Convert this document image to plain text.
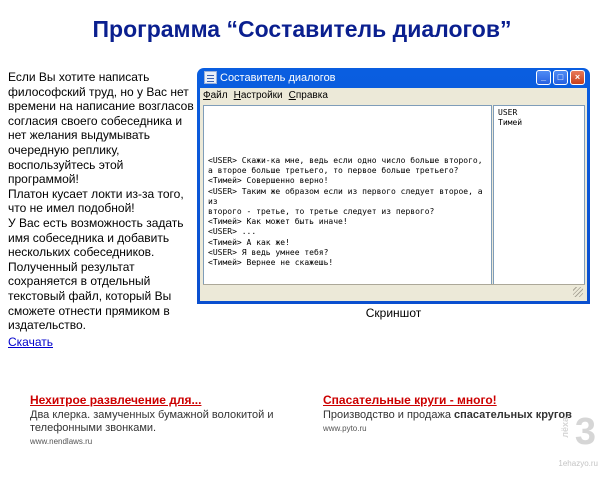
Программа “Составитель диалогов”
Если Вы хотите написать философский труд, но у Вас нет времени на написание возгласов согласия своего собеседника и нет желания выдумывать очередную реплику, воспользуйтесь этой программой!
Платон кусает локти из-за того, что не имел подобной!
У Вас есть возможность задать имя собеседника и добавить нескольких собеседников.
Полученный результат сохраняется в отдельный текстовый файл, который Вы сможете отнести прямиком в издательство.
Скачать
Составитель диалогов	_	□	×
Файл Настройки Справка
<USER> Скажи-ка мне, ведь если одно число больше второго, а второе больше третьего, то первое больше третьего?
<Тимей> Совершенно верно!
<USER> Таким же образом если из первого следует второе, а из
второго - третье, то третье следует из первого?
<Тимей> Как может быть иначе!
<USER> ...
<Тимей> А как же!
<USER> Я ведь умнее тебя?
<Тимей> Вернее не скажешь!
USER
Тимей
Скриншот
Нехитрое развлечение для...
Два клерка. замученных бумажной волокитой и телефонными звонками.
www.nendlaws.ru
Спасательные круги - много!
Производство и продажа спасательных кругов
www.pyto.ru	лёха 3
1ehazyo.ru
